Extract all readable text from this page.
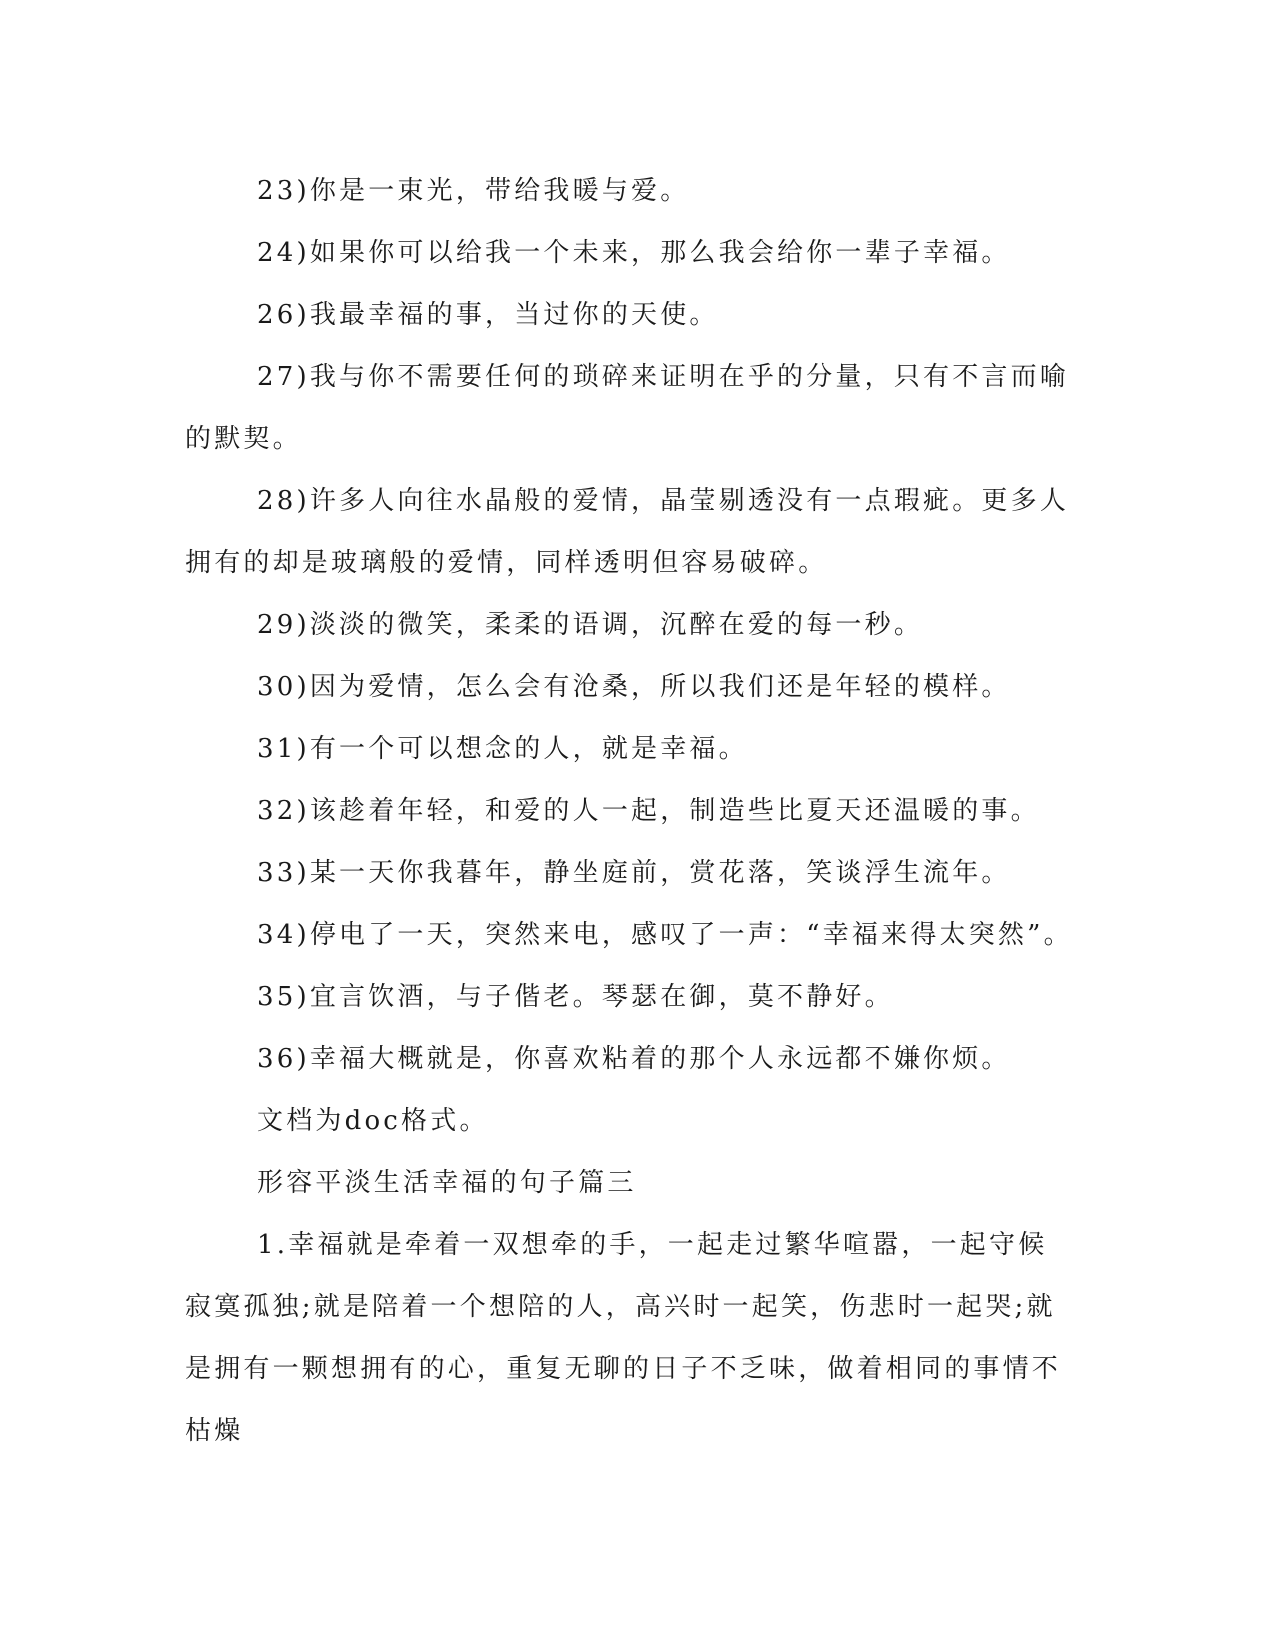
23)你是一束光，带给我暖与爱。

24)如果你可以给我一个未来，那么我会给你一辈子幸福。

26)我最幸福的事，当过你的天使。

27)我与你不需要任何的琐碎来证明在乎的分量，只有不言而喻的默契。

28)许多人向往水晶般的爱情，晶莹剔透没有一点瑕疵。更多人拥有的却是玻璃般的爱情，同样透明但容易破碎。

29)淡淡的微笑，柔柔的语调，沉醉在爱的每一秒。

30)因为爱情，怎么会有沧桑，所以我们还是年轻的模样。

31)有一个可以想念的人，就是幸福。

32)该趁着年轻，和爱的人一起，制造些比夏天还温暖的事。

33)某一天你我暮年，静坐庭前，赏花落，笑谈浮生流年。

34)停电了一天，突然来电，感叹了一声：“幸福来得太突然”。

35)宜言饮酒，与子偕老。琴瑟在御，莫不静好。

36)幸福大概就是，你喜欢粘着的那个人永远都不嫌你烦。

文档为doc格式。

形容平淡生活幸福的句子篇三

1.幸福就是牵着一双想牵的手，一起走过繁华喧嚣，一起守候寂寞孤独;就是陪着一个想陪的人，高兴时一起笑，伤悲时一起哭;就是拥有一颗想拥有的心，重复无聊的日子不乏味，做着相同的事情不枯燥
